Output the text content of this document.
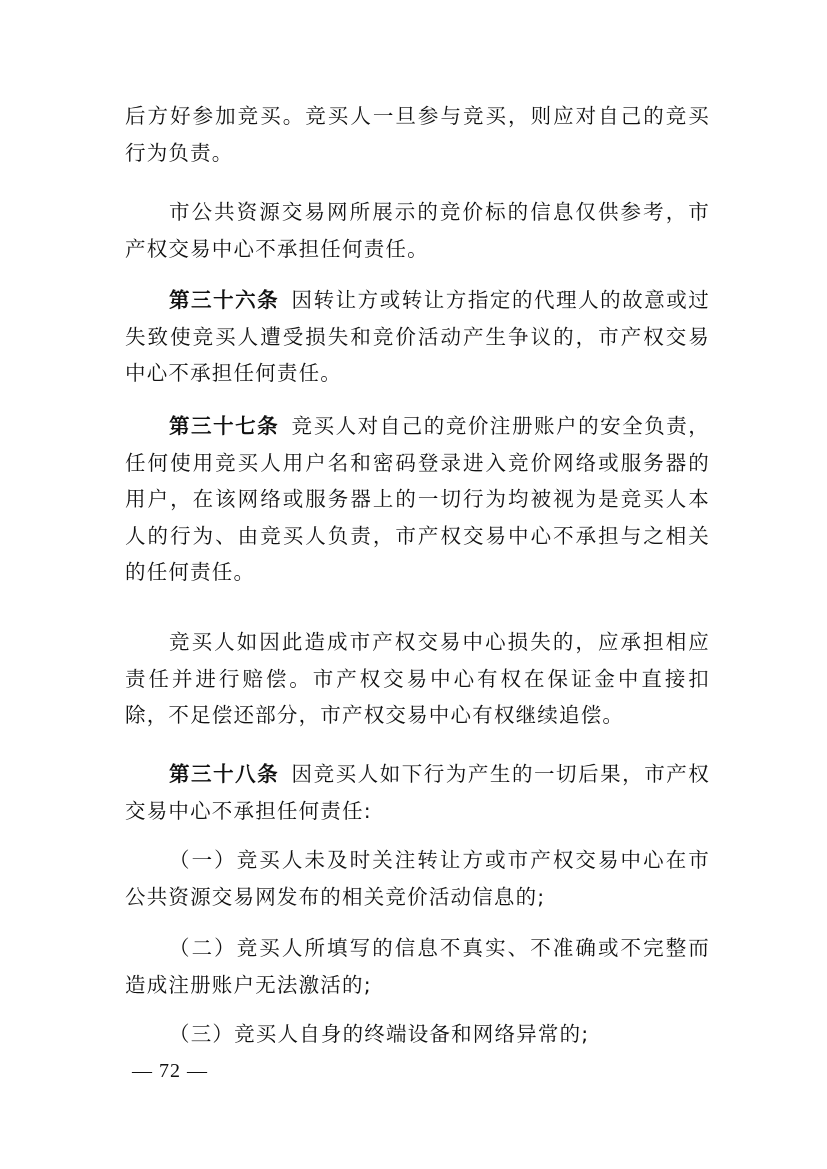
后方好参加竞买。竞买人一旦参与竞买，则应对自己的竞买行为负责。

市公共资源交易网所展示的竞价标的信息仅供参考，市产权交易中心不承担任何责任。

第三十六条 因转让方或转让方指定的代理人的故意或过失致使竞买人遭受损失和竞价活动产生争议的，市产权交易中心不承担任何责任。

第三十七条 竞买人对自己的竞价注册账户的安全负责，任何使用竞买人用户名和密码登录进入竞价网络或服务器的用户，在该网络或服务器上的一切行为均被视为是竞买人本人的行为、由竞买人负责，市产权交易中心不承担与之相关的任何责任。

竞买人如因此造成市产权交易中心损失的，应承担相应责任并进行赔偿。市产权交易中心有权在保证金中直接扣除，不足偿还部分，市产权交易中心有权继续追偿。

第三十八条 因竞买人如下行为产生的一切后果，市产权交易中心不承担任何责任:

（一）竞买人未及时关注转让方或市产权交易中心在市公共资源交易网发布的相关竞价活动信息的;

（二）竞买人所填写的信息不真实、不准确或不完整而造成注册账户无法激活的;

（三）竞买人自身的终端设备和网络异常的;

— 72 —
